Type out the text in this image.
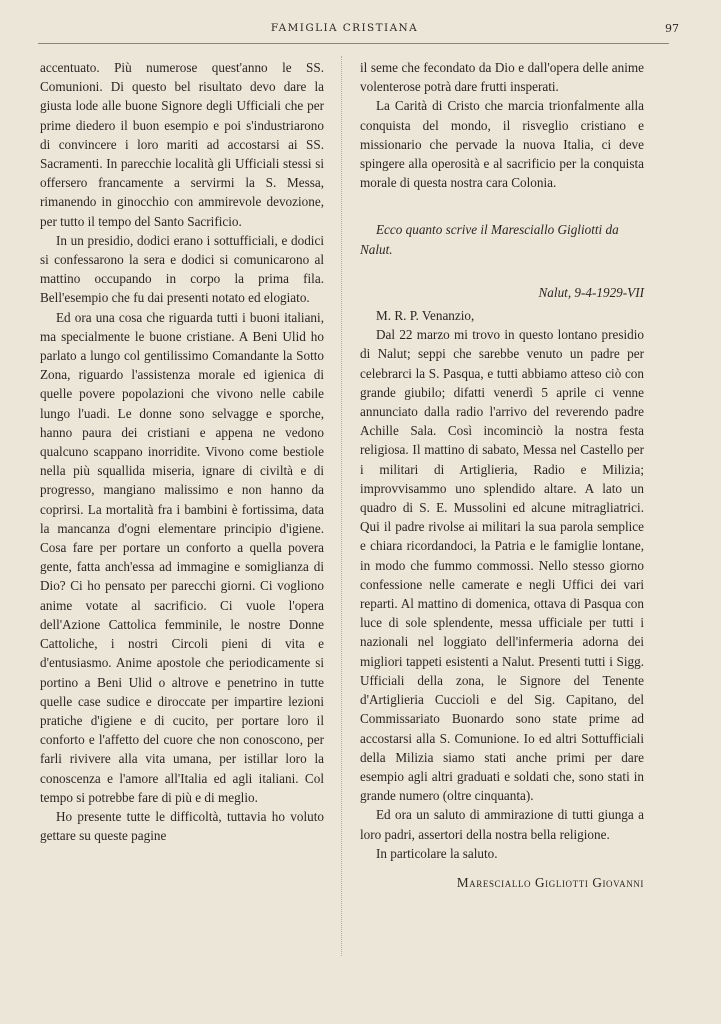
FAMIGLIA CRISTIANA	97

accentuato. Più numerose quest'anno le SS. Comunioni. Di questo bel risultato devo dare la giusta lode alle buone Signore degli Ufficiali che per prime diedero il buon esempio e poi s'industriarono di convincere i loro mariti ad accostarsi ai SS. Sacramenti. In parecchie località gli Ufficiali stessi si offersero francamente a servirmi la S. Messa, rimanendo in ginocchio con ammirevole devozione, per tutto il tempo del Santo Sacrificio.

In un presidio, dodici erano i sottufficiali, e dodici si confessarono la sera e dodici si comunicarono al mattino occupando in corpo la prima fila. Bell'esempio che fu dai presenti notato ed elogiato.

Ed ora una cosa che riguarda tutti i buoni italiani, ma specialmente le buone cristiane. A Beni Ulid ho parlato a lungo col gentilissimo Comandante la Sotto Zona, riguardo l'assistenza morale ed igienica di quelle povere popolazioni che vivono nelle cabile lungo l'uadi. Le donne sono selvagge e sporche, hanno paura dei cristiani e appena ne vedono qualcuno scappano inorridite. Vivono come bestiole nella più squallida miseria, ignare di civiltà e di progresso, mangiano malissimo e non hanno da coprirsi. La mortalità fra i bambini è fortissima, data la mancanza d'ogni elementare principio d'igiene. Cosa fare per portare un conforto a quella povera gente, fatta anch'essa ad immagine e somiglianza di Dio? Ci ho pensato per parecchi giorni. Ci vogliono anime votate al sacrificio. Ci vuole l'opera dell'Azione Cattolica femminile, le nostre Donne Cattoliche, i nostri Circoli pieni di vita e d'entusiasmo. Anime apostole che periodicamente si portino a Beni Ulid o altrove e penetrino in tutte quelle case sudice e diroccate per impartire lezioni pratiche d'igiene e di cucito, per portare loro il conforto e l'affetto del cuore che non conoscono, per farli rivivere alla vita umana, per istillar loro la conoscenza e l'amore all'Italia ed agli italiani. Col tempo si potrebbe fare di più e di meglio.

Ho presente tutte le difficoltà, tuttavia ho voluto gettare su queste pagine

il seme che fecondato da Dio e dall'opera delle anime volenterose potrà dare frutti insperati.

La Carità di Cristo che marcia trionfalmente alla conquista del mondo, il risveglio cristiano e missionario che pervade la nuova Italia, ci deve spingere alla operosità e al sacrificio per la conquista morale di questa nostra cara Colonia.

Ecco quanto scrive il Maresciallo Gigliotti da Nalut.

Nalut, 9-4-1929-VII

M. R. P. Venanzio,

Dal 22 marzo mi trovo in questo lontano presidio di Nalut; seppi che sarebbe venuto un padre per celebrarci la S. Pasqua, e tutti abbiamo atteso ciò con grande giubilo; difatti venerdì 5 aprile ci venne annunciato dalla radio l'arrivo del reverendo padre Achille Sala. Così incominciò la nostra festa religiosa. Il mattino di sabato, Messa nel Castello per i militari di Artiglieria, Radio e Milizia; improvvisammo uno splendido altare. A lato un quadro di S. E. Mussolini ed alcune mitragliatrici. Qui il padre rivolse ai militari la sua parola semplice e chiara ricordandoci, la Patria e le famiglie lontane, in modo che fummo commossi. Nello stesso giorno confessione nelle camerate e negli Uffici dei vari reparti. Al mattino di domenica, ottava di Pasqua con luce di sole splendente, messa ufficiale per tutti i nazionali nel loggiato dell'infermeria adorna dei migliori tappeti esistenti a Nalut. Presenti tutti i Sigg. Ufficiali della zona, le Signore del Tenente d'Artiglieria Cuccioli e del Sig. Capitano, del Commissariato Buonardo sono state prime ad accostarsi alla S. Comunione. Io ed altri Sottufficiali della Milizia siamo stati anche primi per dare esempio agli altri graduati e soldati che, sono stati in grande numero (oltre cinquanta).

Ed ora un saluto di ammirazione di tutti giunga a loro padri, assertori della nostra bella religione.

In particolare la saluto.

Maresciallo Gigliotti Giovanni
